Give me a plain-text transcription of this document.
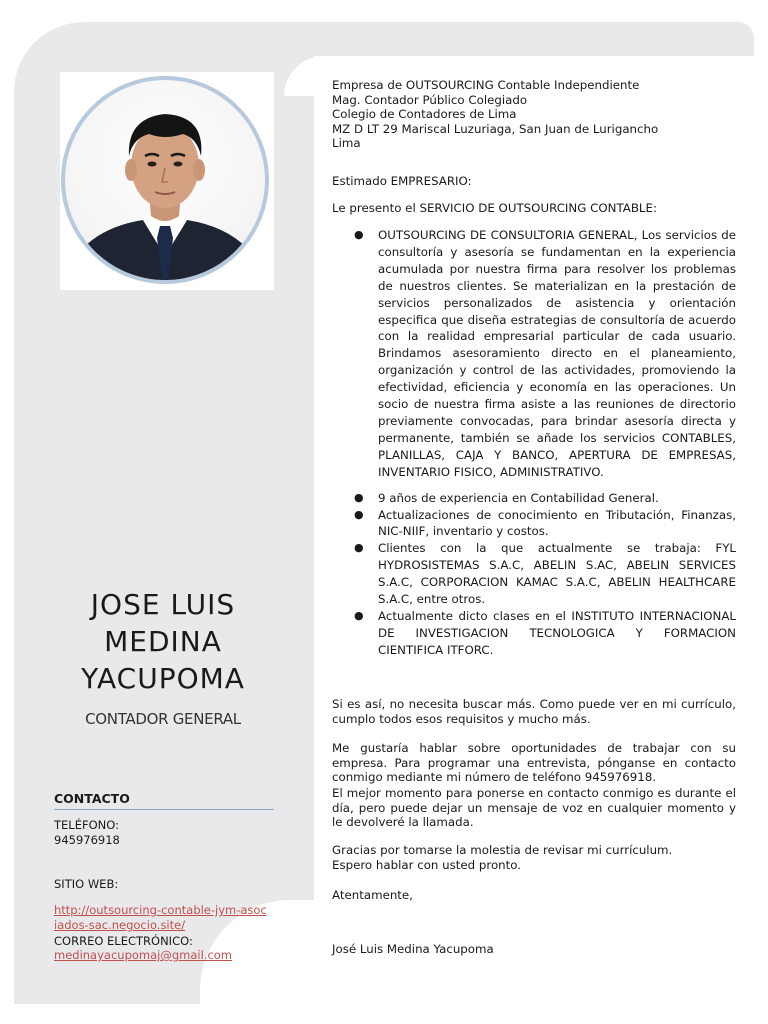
JOSE LUIS
MEDINA
YACUPOMA
CONTADOR GENERAL
CONTACTO
TELÉFONO:
945976918
SITIO WEB:
http://outsourcing-contable-jym-asociados-sac.negocio.site/
CORREO ELECTRÓNICO:
medinayacupomaj@gmail.com
Empresa de OUTSOURCING Contable Independiente
Mag. Contador Público Colegiado
Colegio de Contadores de Lima
MZ D LT 29 Mariscal Luzuriaga, San Juan de Lurigancho
Lima
Estimado EMPRESARIO:
Le presento el SERVICIO DE OUTSOURCING CONTABLE:
● OUTSOURCING DE CONSULTORIA GENERAL, Los servicios de consultoría y asesoría se fundamentan en la experiencia acumulada por nuestra firma para resolver los problemas de nuestros clientes. Se materializan en la prestación de servicios personalizados de asistencia y orientación especifica que diseña estrategias de consultoría de acuerdo con la realidad empresarial particular de cada usuario. Brindamos asesoramiento directo en el planeamiento, organización y control de las actividades, promoviendo la efectividad, eficiencia y economía en las operaciones. Un socio de nuestra firma asiste a las reuniones de directorio previamente convocadas, para brindar asesoría directa y permanente, también se añade los servicios CONTABLES, PLANILLAS, CAJA Y BANCO, APERTURA DE EMPRESAS, INVENTARIO FISICO, ADMINISTRATIVO.
● 9 años de experiencia en Contabilidad General.
● Actualizaciones de conocimiento en Tributación, Finanzas, NIC-NIIF, inventario y costos.
● Clientes con la que actualmente se trabaja: FYL HYDROSISTEMAS S.A.C, ABELIN S.AC, ABELIN SERVICES S.A.C, CORPORACION KAMAC S.A.C, ABELIN HEALTHCARE S.A.C, entre otros.
● Actualmente dicto clases en el INSTITUTO INTERNACIONAL DE INVESTIGACION TECNOLOGICA Y FORMACION CIENTIFICA ITFORC.
Si es así, no necesita buscar más. Como puede ver en mi currículo, cumplo todos esos requisitos y mucho más.
Me gustaría hablar sobre oportunidades de trabajar con su empresa. Para programar una entrevista, pónganse en contacto conmigo mediante mi número de teléfono 945976918.
El mejor momento para ponerse en contacto conmigo es durante el día, pero puede dejar un mensaje de voz en cualquier momento y le devolveré la llamada.
Gracias por tomarse la molestia de revisar mi currículum.
Espero hablar con usted pronto.
Atentamente,
José Luis Medina Yacupoma
